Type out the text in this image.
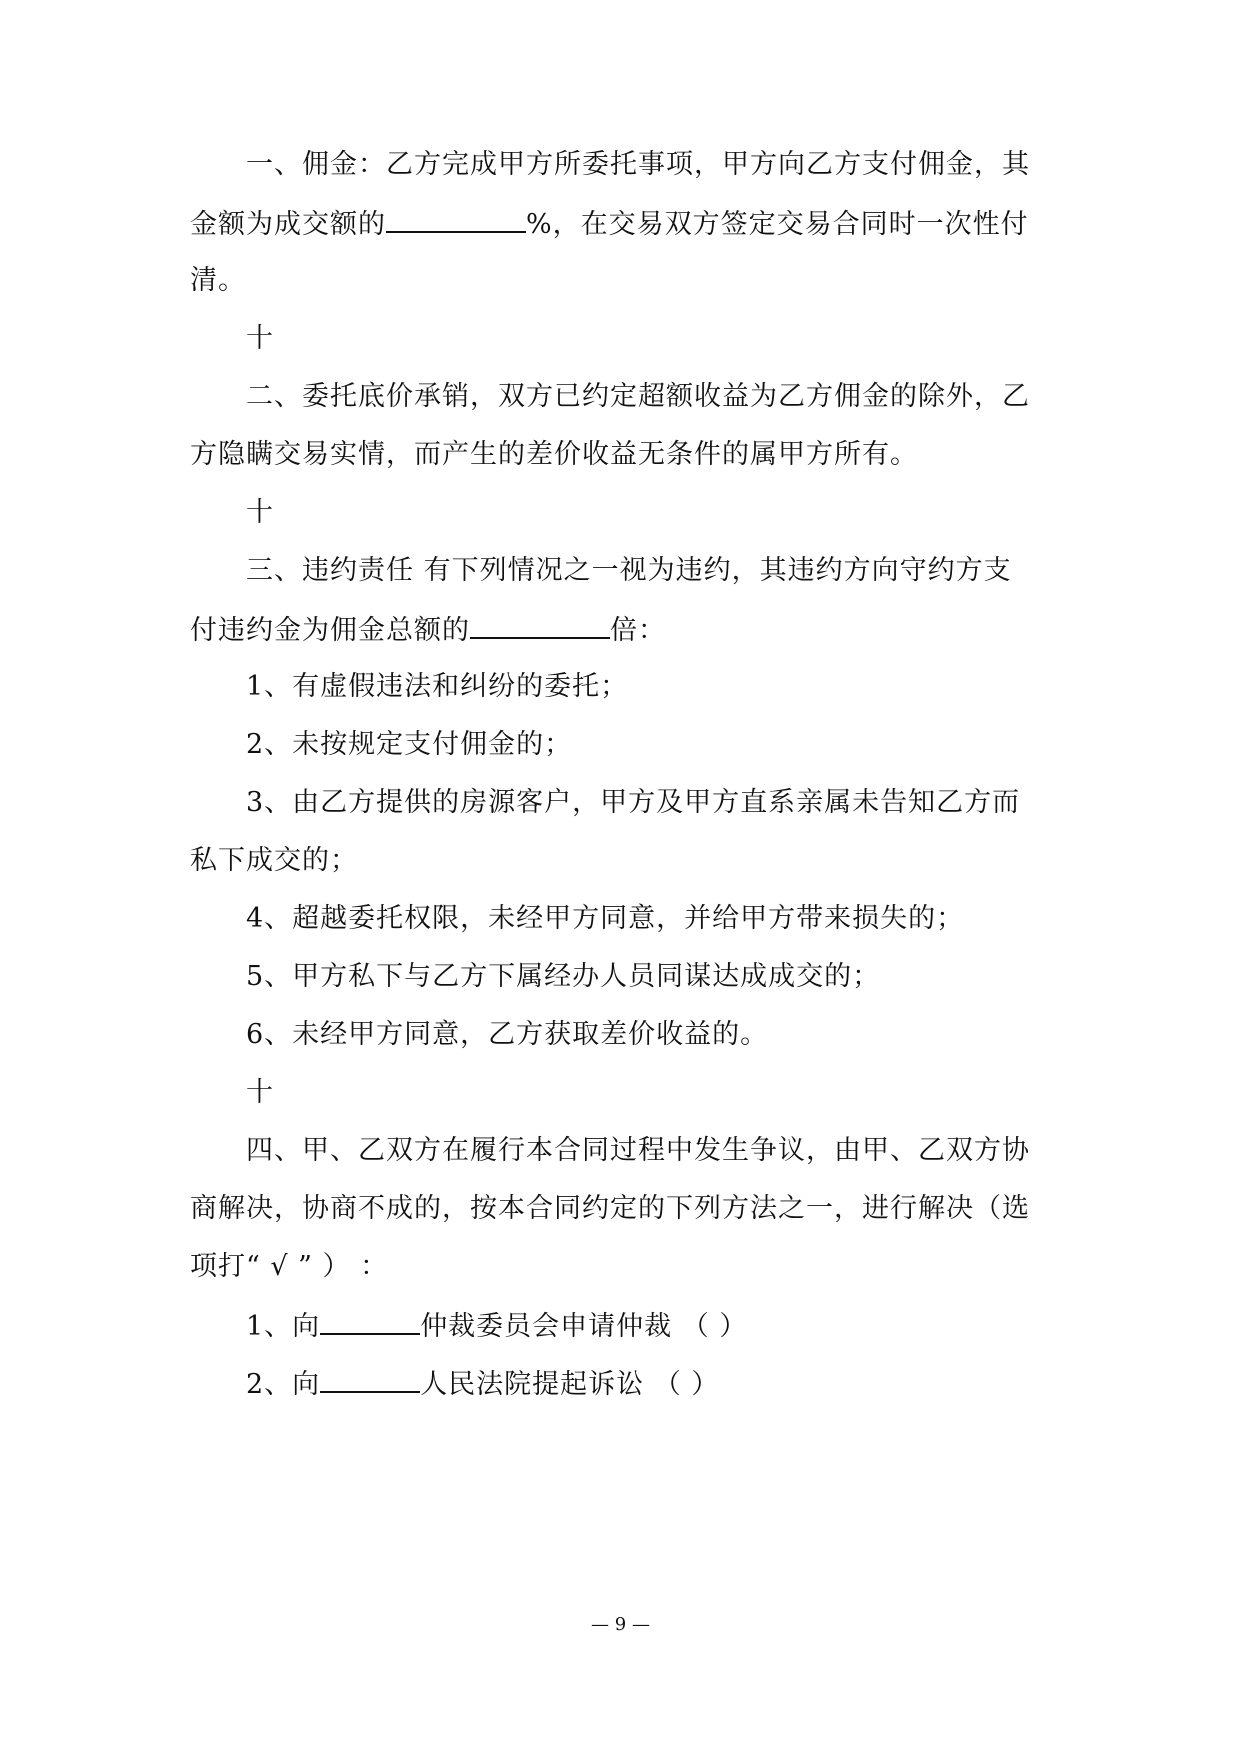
一、佣金：乙方完成甲方所委托事项，甲方向乙方支付佣金，其
金额为成交额的	%，在交易双方签定交易合同时一次性付
清。
十
二、委托底价承销，双方已约定超额收益为乙方佣金的除外，乙
方隐瞒交易实情，而产生的差价收益无条件的属甲方所有。
十
三、违约责任 有下列情况之一视为违约，其违约方向守约方支
付违约金为佣金总额的	倍：
1、有虚假违法和纠纷的委托；
2、未按规定支付佣金的；
3、由乙方提供的房源客户，甲方及甲方直系亲属未告知乙方而
私下成交的；
4、超越委托权限，未经甲方同意，并给甲方带来损失的；
5、甲方私下与乙方下属经办人员同谋达成成交的；
6、未经甲方同意，乙方获取差价收益的。
十
四、甲、乙双方在履行本合同过程中发生争议，由甲、乙双方协
商解决，协商不成的，按本合同约定的下列方法之一，进行解决（选
项打“ √ ” ） ：
1、向	仲裁委员会申请仲裁 （ ）
2、向	人民法院提起诉讼 （ ）
— 9 —
